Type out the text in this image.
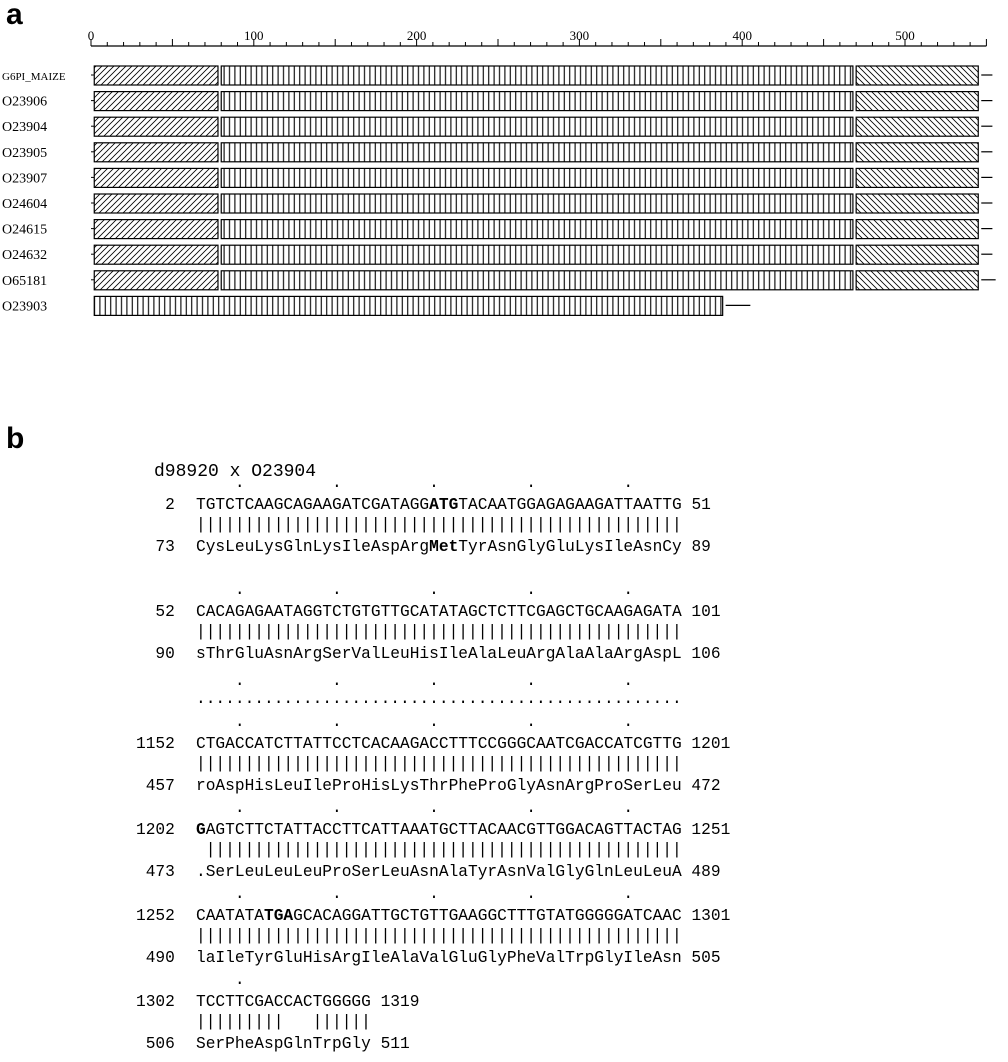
a
b
0	100	200	300	400	500
G6PI_MAIZE
O23906
O23904
O23905
O23907
O24604
O24615
O24632
O65181
O23903
d98920 x O23904
.         .         .         .         .
2 TGTCTCAAGCAGAAGATCGATAGGATGTACAATGGAGAGAAGATTAATTG 51
||||||||||||||||||||||||||||||||||||||||||||||||||
73 CysLeuLysGlnLysIleAspArgMetTyrAsnGlyGluLysIleAsnCy 89
.         .         .         .         .
52 CACAGAGAATAGGTCTGTGTTGCATATAGCTCTTCGAGCTGCAAGAGATA 101
||||||||||||||||||||||||||||||||||||||||||||||||||
90 sThrGluAsnArgSerValLeuHisIleAlaLeuArgAlaAlaArgAspL 106
.         .         .         .         .
..................................................
.         .         .         .         .
1152 CTGACCATCTTATTCCTCACAAGACCTTTCCGGGCAATCGACCATCGTTG 1201
||||||||||||||||||||||||||||||||||||||||||||||||||
457 roAspHisLeuIleProHisLysThrPheProGlyAsnArgProSerLeu 472
.         .         .         .         .
1202 GAGTCTTCTATTACCTTCATTAAATGCTTACAACGTTGGACAGTTACTAG 1251
|||||||||||||||||||||||||||||||||||||||||||||||||
473 .SerLeuLeuLeuProSerLeuAsnAlaTyrAsnValGlyGlnLeuLeuA 489
.         .         .         .         .
1252 CAATATATGAGCACAGGATTGCTGTTGAAGGCTTTGTATGGGGGATCAAC 1301
||||||||||||||||||||||||||||||||||||||||||||||||||
490 laIleTyrGluHisArgIleAlaValGluGlyPheValTrpGlyIleAsn 505
.
1302 TCCTTCGACCACTGGGGG 1319
|||||||||   ||||||
506 SerPheAspGlnTrpGly 511
